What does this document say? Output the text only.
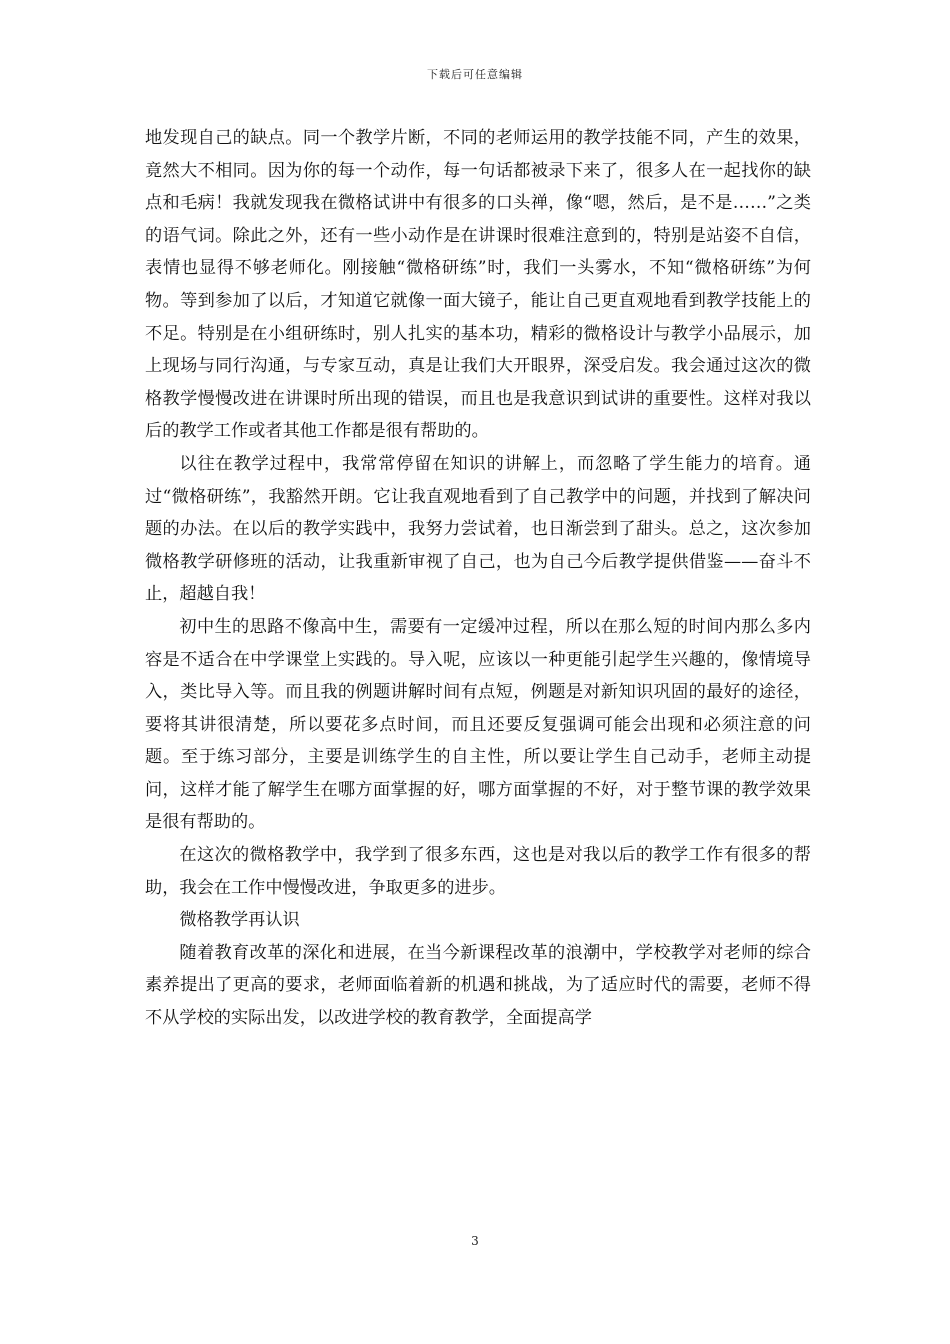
下载后可任意编辑

地发现自己的缺点。同一个教学片断，不同的老师运用的教学技能不同，产生的效果，竟然大不相同。因为你的每一个动作，每一句话都被录下来了，很多人在一起找你的缺点和毛病！我就发现我在微格试讲中有很多的口头禅，像“嗯，然后，是不是……”之类的语气词。除此之外，还有一些小动作是在讲课时很难注意到的，特别是站姿不自信，表情也显得不够老师化。刚接触“微格研练”时，我们一头雾水，不知“微格研练”为何物。等到参加了以后，才知道它就像一面大镜子，能让自己更直观地看到教学技能上的不足。特别是在小组研练时，别人扎实的基本功，精彩的微格设计与教学小品展示，加上现场与同行沟通，与专家互动，真是让我们大开眼界，深受启发。我会通过这次的微格教学慢慢改进在讲课时所出现的错误，而且也是我意识到试讲的重要性。这样对我以后的教学工作或者其他工作都是很有帮助的。

以往在教学过程中，我常常停留在知识的讲解上，而忽略了学生能力的培育。通过“微格研练”，我豁然开朗。它让我直观地看到了自己教学中的问题，并找到了解决问题的办法。在以后的教学实践中，我努力尝试着，也日渐尝到了甜头。总之，这次参加微格教学研修班的活动，让我重新审视了自己，也为自己今后教学提供借鉴——奋斗不止，超越自我！

初中生的思路不像高中生，需要有一定缓冲过程，所以在那么短的时间内那么多内容是不适合在中学课堂上实践的。导入呢，应该以一种更能引起学生兴趣的，像情境导入，类比导入等。而且我的例题讲解时间有点短，例题是对新知识巩固的最好的途径，要将其讲很清楚，所以要花多点时间，而且还要反复强调可能会出现和必须注意的问题。至于练习部分，主要是训练学生的自主性，所以要让学生自己动手，老师主动提问，这样才能了解学生在哪方面掌握的好，哪方面掌握的不好，对于整节课的教学效果是很有帮助的。

在这次的微格教学中，我学到了很多东西，这也是对我以后的教学工作有很多的帮助，我会在工作中慢慢改进，争取更多的进步。

微格教学再认识

随着教育改革的深化和进展，在当今新课程改革的浪潮中，学校教学对老师的综合素养提出了更高的要求，老师面临着新的机遇和挑战，为了适应时代的需要，老师不得不从学校的实际出发，以改进学校的教育教学，全面提高学

3
